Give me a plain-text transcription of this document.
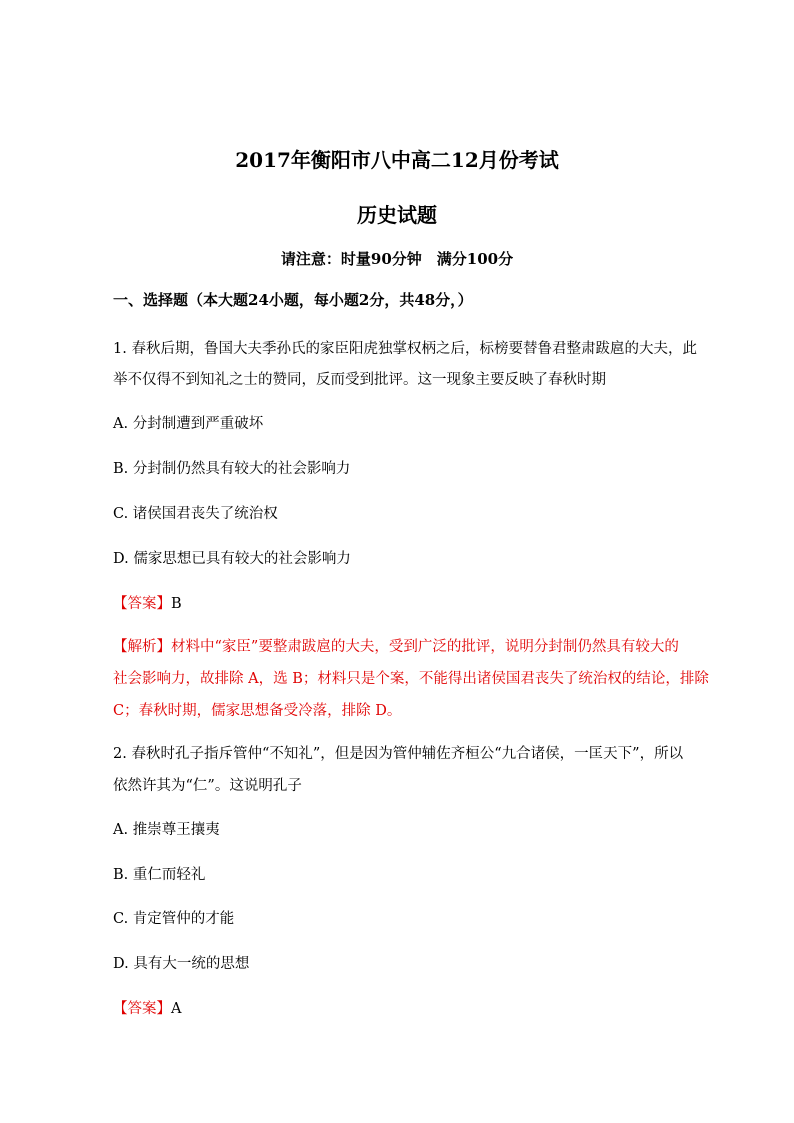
2017年衡阳市八中高二12月份考试
历史试题
请注意：时量90分钟　满分100分
一、选择题（本大题24小题，每小题2分，共48分，）
1. 春秋后期，鲁国大夫季孙氏的家臣阳虎独掌权柄之后，标榜要替鲁君整肃跋扈的大夫，此
举不仅得不到知礼之士的赞同，反而受到批评。这一现象主要反映了春秋时期
A. 分封制遭到严重破坏
B. 分封制仍然具有较大的社会影响力
C. 诸侯国君丧失了统治权
D. 儒家思想已具有较大的社会影响力
【答案】B
【解析】材料中“家臣”要整肃跋扈的大夫，受到广泛的批评，说明分封制仍然具有较大的
社会影响力，故排除 A，选 B；材料只是个案，不能得出诸侯国君丧失了统治权的结论，排除
C；春秋时期，儒家思想备受冷落，排除 D。
2. 春秋时孔子指斥管仲“不知礼”，但是因为管仲辅佐齐桓公“九合诸侯，一匡天下”，所以
依然许其为“仁”。这说明孔子
A. 推崇尊王攘夷
B. 重仁而轻礼
C. 肯定管仲的才能
D. 具有大一统的思想
【答案】A
